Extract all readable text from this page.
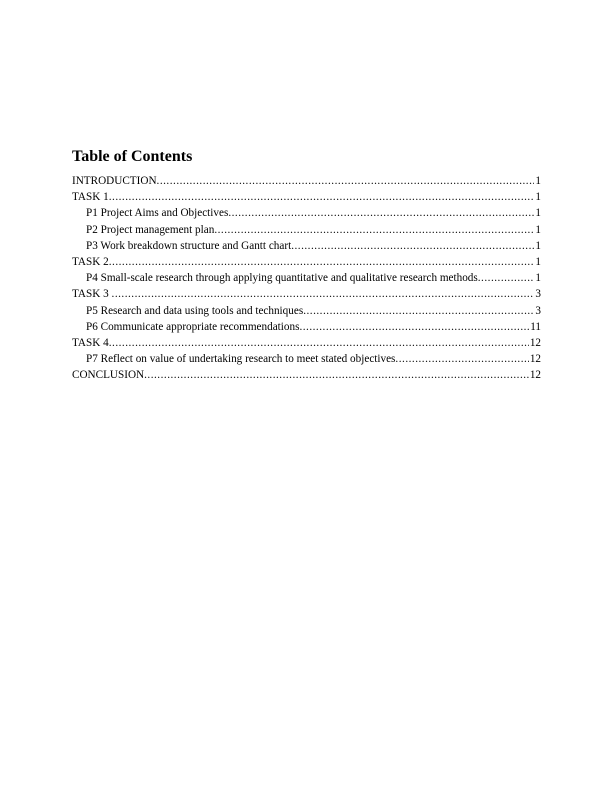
Table of Contents
INTRODUCTION .....	1
TASK 1 .....	1
P1 Project Aims and Objectives .....	1
P2 Project management plan .....	1
P3 Work breakdown structure and Gantt chart .....	1
TASK 2 .....	1
P4 Small-scale research through applying quantitative and qualitative research methods .....	1
TASK 3 .....	3
P5 Research and data using tools and techniques .....	3
P6 Communicate appropriate recommendations .....	11
TASK 4 .....	12
P7 Reflect on value of undertaking research to meet stated objectives .....	12
CONCLUSION .....	12
